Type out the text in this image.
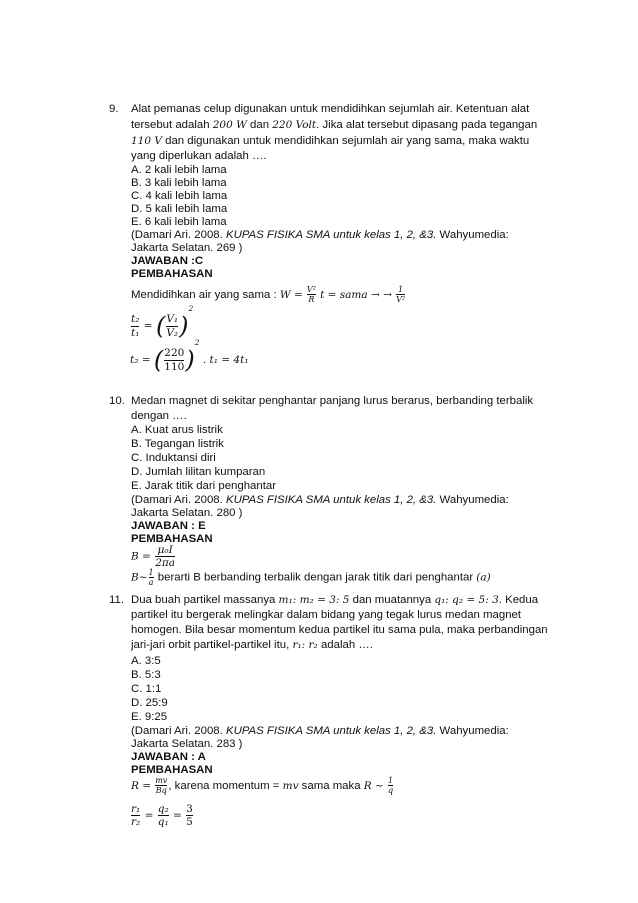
9. Alat pemanas celup digunakan untuk mendidihkan sejumlah air. Ketentuan alat
tersebut adalah 200 W dan 220 Volt. Jika alat tersebut dipasang pada tegangan
110 V dan digunakan untuk mendidihkan sejumlah air yang sama, maka waktu
yang diperlukan adalah ….
A. 2 kali lebih lama
B. 3 kali lebih lama
C. 4 kali lebih lama
D. 5 kali lebih lama
E. 6 kali lebih lama
(Damari Ari. 2008. KUPAS FISIKA SMA untuk kelas 1, 2, &3. Wahyumedia:
Jakarta Selatan. 269 )
JAWABAN :C
PEMBAHASAN
Mendidihkan air yang sama : $W = \frac{\text{V²}}{R}$ t = sama → → $\frac{1}{\text{V²}}$
$\frac{\text{t₂}}{\text{t₁}}$ = ( $\frac{\text{V₁}}{\text{V₂}} )^2$
t₂ = ( $\frac{220}{110} )^2$ . t₁ = 4t₁
10. Medan magnet di sekitar penghantar panjang lurus berarus, berbanding terbalik
dengan ….
A. Kuat arus listrik
B. Tegangan listrik
C. Induktansi diri
D. Jumlah lilitan kumparan
E. Jarak titik dari penghantar
(Damari Ari. 2008. KUPAS FISIKA SMA untuk kelas 1, 2, &3. Wahyumedia:
Jakarta Selatan. 280 )
JAWABAN : E
PEMBAHASAN
$B = \frac{\text{μ₀I}}{2\pi a}$
B~ $\frac{1}{a}$ berarti B berbanding terbalik dengan jarak titik dari penghantar (a)
11. Dua buah partikel massanya m₁: m₂ = 3: 5 dan muatannya q₁: q₂ = 5: 3. Kedua
partikel itu bergerak melingkar dalam bidang yang tegak lurus medan magnet
homogen. Bila besar momentum kedua partikel itu sama pula, maka perbandingan
jari-jari orbit partikel-partikel itu, r₁: r₂ adalah ….
A. 3:5
B. 5:3
C. 1:1
D. 25:9
E. 9:25
(Damari Ari. 2008. KUPAS FISIKA SMA untuk kelas 1, 2, &3. Wahyumedia:
Jakarta Selatan. 283 )
JAWABAN : A
PEMBAHASAN
$R = \frac{mv}{Bq}$ , karena momentum = mv sama maka R ~ $\frac{1}{q}$
$\frac{\text{r₁}}{\text{r₂}} = \frac{\text{q₂}}{\text{q₁}} = \frac{3}{5}$
